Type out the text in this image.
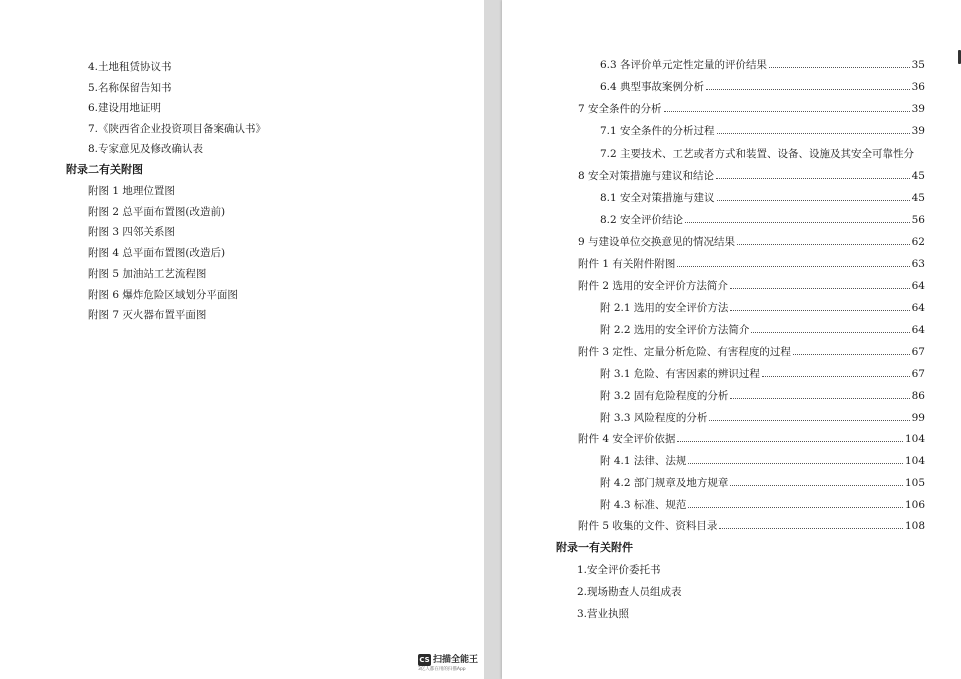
4.土地租赁协议书
5.名称保留告知书
6.建设用地证明
7.《陕西省企业投资项目备案确认书》
8.专家意见及修改确认表
附录二有关附图
附图 1 地理位置图
附图 2 总平面布置图(改造前)
附图 3 四邻关系图
附图 4 总平面布置图(改造后)
附图 5 加油站工艺流程图
附图 6 爆炸危险区域划分平面图
附图 7 灭火器布置平面图
CS 扫描全能王
3亿人都在用的扫描App
6.3 各评价单元定性定量的评价结果	35
6.4 典型事故案例分析	36
7 安全条件的分析	39
7.1 安全条件的分析过程	39
7.2 主要技术、工艺或者方式和装置、设备、设施及其安全可靠性分
8 安全对策措施与建议和结论	45
8.1 安全对策措施与建议	45
8.2 安全评价结论	56
9 与建设单位交换意见的情况结果	62
附件 1 有关附件附图	63
附件 2 选用的安全评价方法简介	64
附 2.1 选用的安全评价方法	64
附 2.2 选用的安全评价方法简介	64
附件 3 定性、定量分析危险、有害程度的过程	67
附 3.1 危险、有害因素的辨识过程	67
附 3.2 固有危险程度的分析	86
附 3.3 风险程度的分析	99
附件 4 安全评价依据	104
附 4.1 法律、法规	104
附 4.2 部门规章及地方规章	105
附 4.3 标准、规范	106
附件 5 收集的文件、资料目录	108
附录一有关附件
1.安全评价委托书
2.现场勘查人员组成表
3.营业执照
